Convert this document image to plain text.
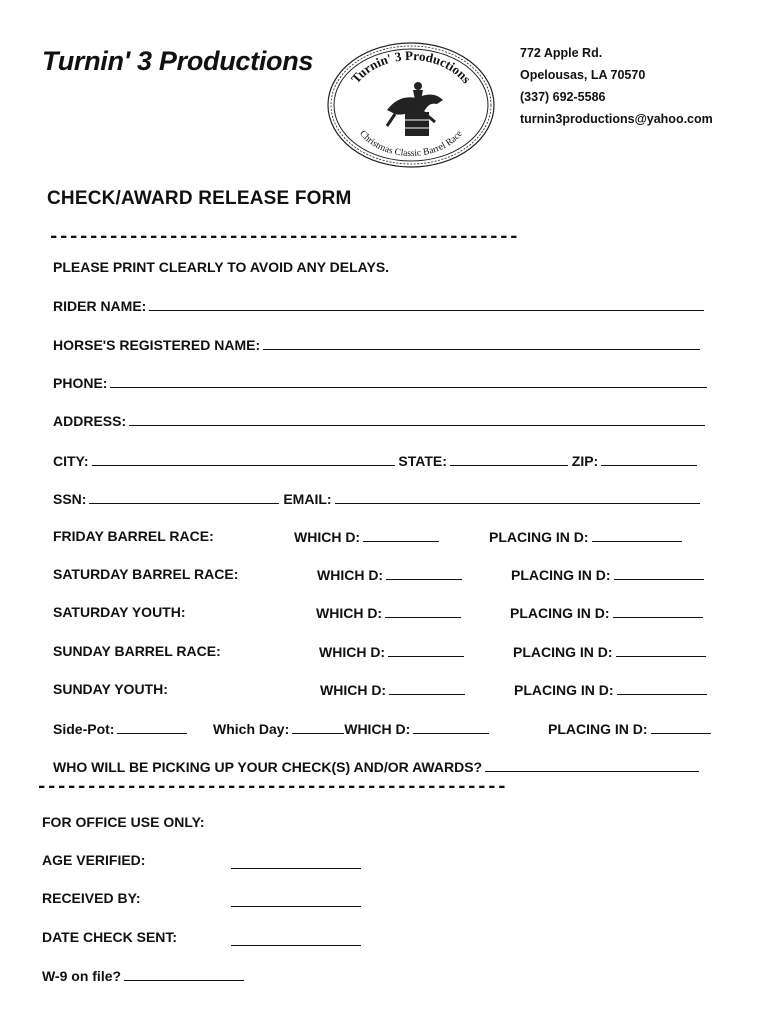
Turnin' 3 Productions
Turnin' 3 Productions
Christmas Classic Barrel Race
772 Apple Rd.
Opelousas, LA 70570
(337) 692-5586
turnin3productions@yahoo.com
CHECK/AWARD RELEASE FORM
-----------------------------------------------
PLEASE PRINT CLEARLY TO AVOID ANY DELAYS.
RIDER NAME:
HORSE'S REGISTERED NAME:
PHONE:
ADDRESS:
CITY:	STATE:	ZIP:
SSN:	EMAIL:
FRIDAY BARREL RACE:	WHICH D:	PLACING IN D:
SATURDAY BARREL RACE:	WHICH D:	PLACING IN D:
SATURDAY YOUTH:	WHICH D:	PLACING IN D:
SUNDAY BARREL RACE:	WHICH D:	PLACING IN D:
SUNDAY YOUTH:	WHICH D:	PLACING IN D:
Side-Pot:	Which Day:	WHICH D:	PLACING IN D:
WHO WILL BE PICKING UP YOUR CHECK(S) AND/OR AWARDS?
-----------------------------------------------
FOR OFFICE USE ONLY:
AGE VERIFIED:
RECEIVED BY:
DATE CHECK SENT:
W-9 on file?
